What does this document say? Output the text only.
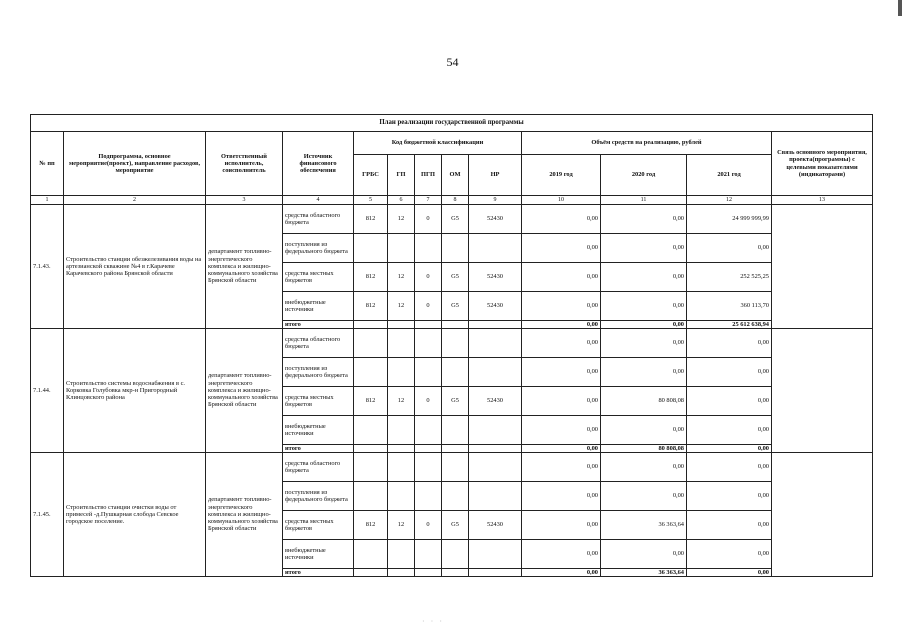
54
План реализации государственной программы												
№ пп	Подпрограмма, основное мероприятие(проект), направление расходов, мероприятие	Ответственный исполнитель, соисполнитель	Источник финансового обеспечения	Код бюджетной классификации					Объём средств на реализацию, рублей			Связь основного мероприятия, проекта(программы) с целевыми показателями (индикаторами)
				ГРБС	ГП	ПГП	ОМ	НР	2019 год	2020 год	2021 год	
1	2	3	4	5	6	7	8	9	10	11	12	13
7.1.43.	Строительство станции обезжелезивания воды на артезианской скважине №4 в г.Карачеве Карачевского района Брянской области	департамент топливно-энергетического комплекса и жилищно-коммунального хозяйства Брянской области	средства областного бюджета	812	12	0	G5	52430	0,00	0,00	24 999 999,99	
			поступления из федерального бюджета						0,00	0,00	0,00	
			средства местных бюджетов	812	12	0	G5	52430	0,00	0,00	252 525,25	
			внебюджетные источники	812	12	0	G5	52430	0,00	0,00	360 113,70	
			итого						0,00	0,00	25 612 638,94	
7.1.44.	Строительство системы водоснабжения в с. Корковка Голубовка мкр-н Пригородный Клинцовского района	департамент топливно-энергетического комплекса и жилищно-коммунального хозяйства Брянской области	средства областного бюджета						0,00	0,00	0,00	
			поступления из федерального бюджета						0,00	0,00	0,00	
			средства местных бюджетов	812	12	0	G5	52430	0,00	80 808,08	0,00	
			внебюджетные источники						0,00	0,00	0,00	
			итого						0,00	80 808,08	0,00	
7.1.45.	Строительство станции очистки воды от примесей -д.Пушкарная слобода Севское городское поселение.	департамент топливно-энергетического комплекса и жилищно-коммунального хозяйства Брянской области	средства областного бюджета						0,00	0,00	0,00	
			поступления из федерального бюджета						0,00	0,00	0,00	
			средства местных бюджетов	812	12	0	G5	52430	0,00	36 363,64	0,00	
			внебюджетные источники						0,00	0,00	0,00	
			итого						0,00	36 363,64	0,00	
· · ·
